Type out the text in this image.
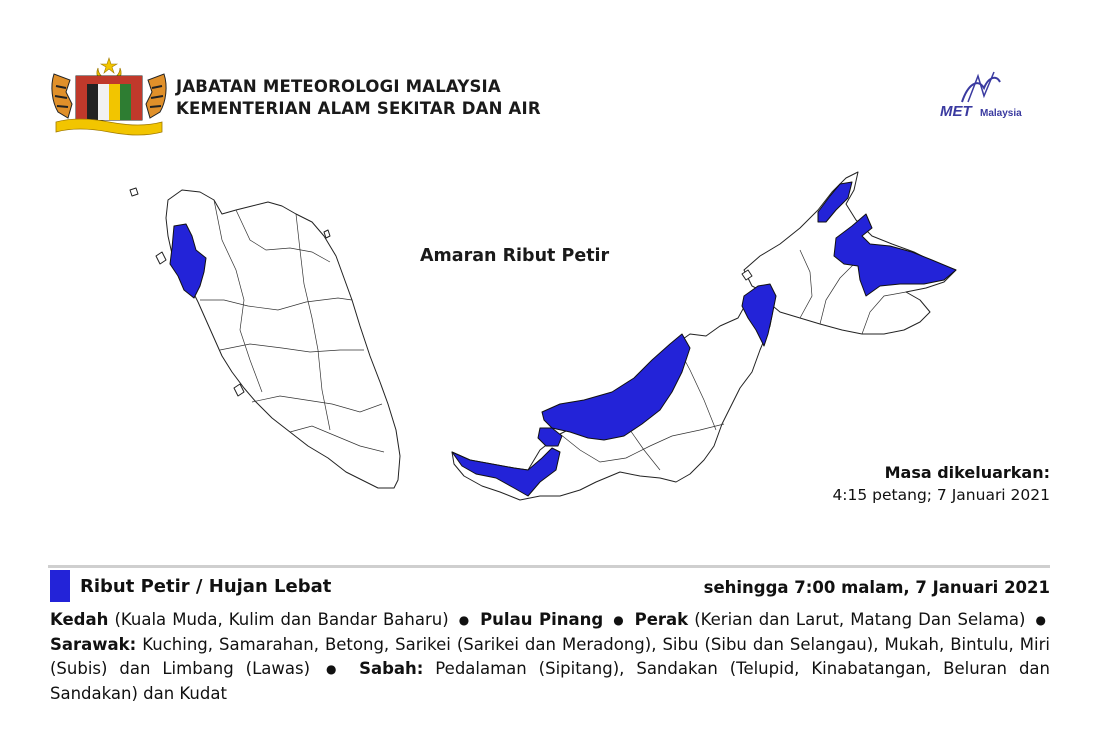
JABATAN METEOROLOGI MALAYSIA
KEMENTERIAN ALAM SEKITAR DAN AIR	MET Malaysia
Amaran Ribut Petir
Masa dikeluarkan:
4:15 petang; 7 Januari 2021
Ribut Petir / Hujan Lebat	sehingga 7:00 malam, 7 Januari 2021
Kedah (Kuala Muda, Kulim dan Bandar Baharu) ● Pulau Pinang ● Perak (Kerian dan Larut, Matang Dan Selama) ● Sarawak: Kuching, Samarahan, Betong, Sarikei (Sarikei dan Meradong), Sibu (Sibu dan Selangau), Mukah, Bintulu, Miri (Subis) dan Limbang (Lawas) ● Sabah: Pedalaman (Sipitang), Sandakan (Telupid, Kinabatangan, Beluran dan Sandakan) dan Kudat
